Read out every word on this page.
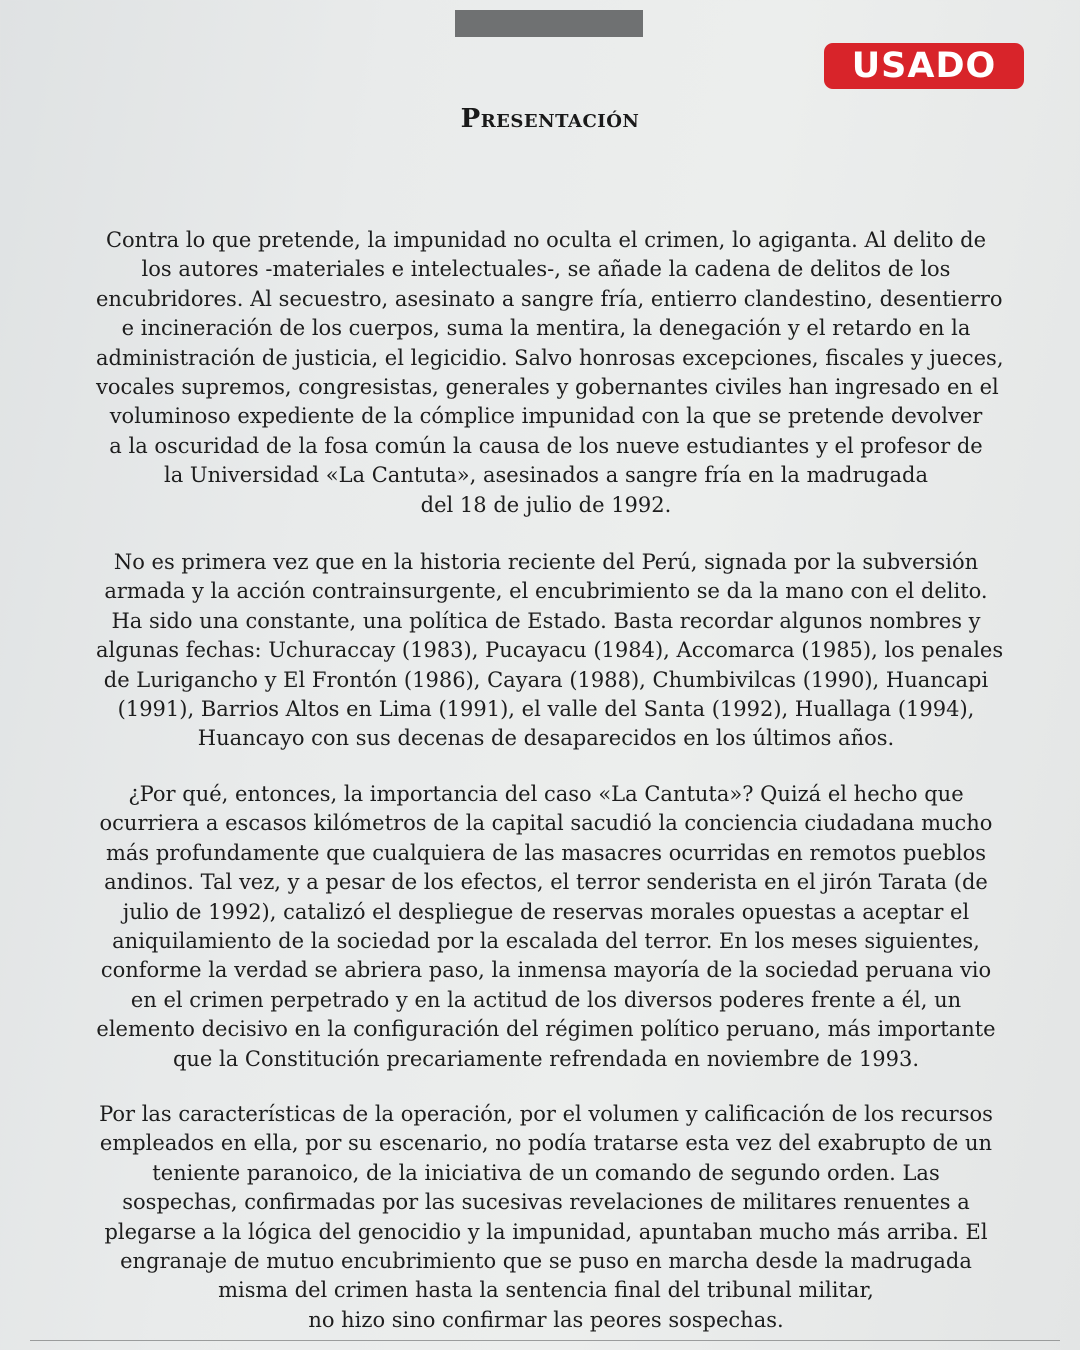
USADO
Presentación
Contra lo que pretende, la impunidad no oculta el crimen, lo agiganta. Al delito de
los autores -materiales e intelectuales-, se añade la cadena de delitos de los
encubridores. Al secuestro, asesinato a sangre fría, entierro clandestino, desentierro
e incineración de los cuerpos, suma la mentira, la denegación y el retardo en la
administración de justicia, el legicidio. Salvo honrosas excepciones, fiscales y jueces,
vocales supremos, congresistas, generales y gobernantes civiles han ingresado en el
voluminoso expediente de la cómplice impunidad con la que se pretende devolver
a la oscuridad de la fosa común la causa de los nueve estudiantes y el profesor de
la Universidad «La Cantuta», asesinados a sangre fría en la madrugada
del 18 de julio de 1992.
No es primera vez que en la historia reciente del Perú, signada por la subversión
armada y la acción contrainsurgente, el encubrimiento se da la mano con el delito.
Ha sido una constante, una política de Estado. Basta recordar algunos nombres y
algunas fechas: Uchuraccay (1983), Pucayacu (1984), Accomarca (1985), los penales
de Lurigancho y El Frontón (1986), Cayara (1988), Chumbivilcas (1990), Huancapi
(1991), Barrios Altos en Lima (1991), el valle del Santa (1992), Huallaga (1994),
Huancayo con sus decenas de desaparecidos en los últimos años.
¿Por qué, entonces, la importancia del caso «La Cantuta»? Quizá el hecho que
ocurriera a escasos kilómetros de la capital sacudió la conciencia ciudadana mucho
más profundamente que cualquiera de las masacres ocurridas en remotos pueblos
andinos. Tal vez, y a pesar de los efectos, el terror senderista en el jirón Tarata (de
julio de 1992), catalizó el despliegue de reservas morales opuestas a aceptar el
aniquilamiento de la sociedad por la escalada del terror. En los meses siguientes,
conforme la verdad se abriera paso, la inmensa mayoría de la sociedad peruana vio
en el crimen perpetrado y en la actitud de los diversos poderes frente a él, un
elemento decisivo en la configuración del régimen político peruano, más importante
que la Constitución precariamente refrendada en noviembre de 1993.
Por las características de la operación, por el volumen y calificación de los recursos
empleados en ella, por su escenario, no podía tratarse esta vez del exabrupto de un
teniente paranoico, de la iniciativa de un comando de segundo orden. Las
sospechas, confirmadas por las sucesivas revelaciones de militares renuentes a
plegarse a la lógica del genocidio y la impunidad, apuntaban mucho más arriba. El
engranaje de mutuo encubrimiento que se puso en marcha desde la madrugada
misma del crimen hasta la sentencia final del tribunal militar,
no hizo sino confirmar las peores sospechas.
